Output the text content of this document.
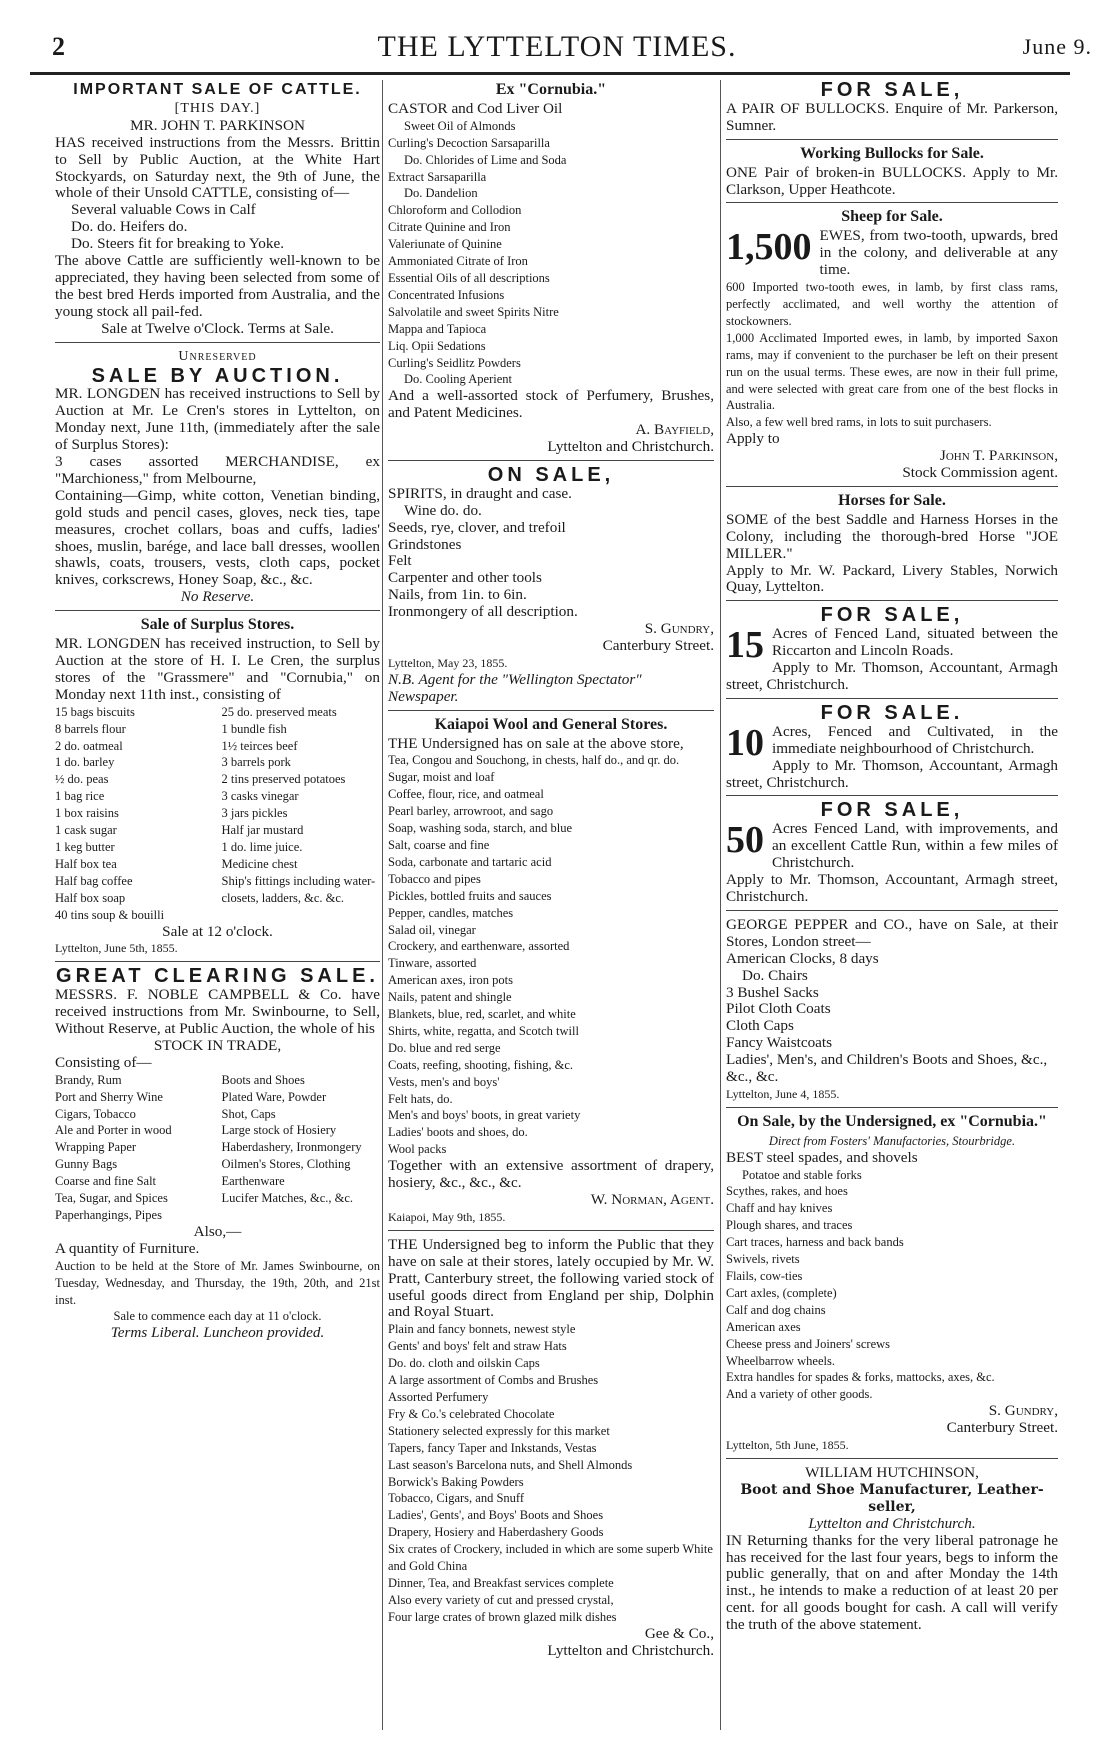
2	THE LYTTELTON TIMES.	June 9.
IMPORTANT SALE OF CATTLE.
[THIS DAY.]
MR. JOHN T. PARKINSON

HAS received instructions from the Messrs. Brittin to Sell by Public Auction, at the White Hart Stockyards, on Saturday next, the 9th of June, the whole of their Unsold CATTLE, consisting of—

Several valuable Cows in Calf
Do. do. Heifers do.
Do. Steers fit for breaking to Yoke.

The above Cattle are sufficiently well-known to be appreciated, they having been selected from some of the best bred Herds imported from Australia, and the young stock all pail-fed.

Sale at Twelve o'Clock. Terms at Sale.
Unreserved
SALE BY AUCTION.

MR. LONGDEN has received instructions to Sell by Auction at Mr. Le Cren's stores in Lyttelton, on Monday next, June 11th, (immediately after the sale of Surplus Stores):

3 cases assorted MERCHANDISE, ex "Marchioness," from Melbourne,

Containing—Gimp, white cotton, Venetian binding, gold studs and pencil cases, gloves, neck ties, tape measures, crochet collars, boas and cuffs, ladies' shoes, muslin, barége, and lace ball dresses, woollen shawls, coats, trousers, vests, cloth caps, pocket knives, corkscrews, Honey Soap, &c., &c.

No Reserve.
Sale of Surplus Stores.

MR. LONGDEN has received instruction, to Sell by Auction at the store of H. I. Le Cren, the surplus stores of the "Grassmere" and "Cornubia," on Monday next 11th inst., consisting of

15 bags biscuits
8 barrels flour
2 do. oatmeal
1 do. barley
½ do. peas
1 bag rice
1 box raisins
1 cask sugar
1 keg butter
Half box tea
Half bag coffee
Half box soap
40 tins soup & bouilli
25 do. preserved meats
1 bundle fish
1½ teirces beef
3 barrels pork
2 tins preserved potatoes
3 casks vinegar
3 jars pickles
Half jar mustard
1 do. lime juice.
Medicine chest
Ship's fittings including water-closets, ladders, &c. &c.
Sale at 12 o'clock.
Lyttelton, June 5th, 1855.
GREAT CLEARING SALE.

MESSRS. F. NOBLE CAMPBELL & Co. have received instructions from Mr. Swinbourne, to Sell, Without Reserve, at Public Auction, the whole of his

STOCK IN TRADE,
Consisting of—
Brandy, Rum
Port and Sherry Wine
Cigars, Tobacco
Ale and Porter in wood
Wrapping Paper
Gunny Bags
Coarse and fine Salt
Tea, Sugar, and Spices
Paperhangings, Pipes
Boots and Shoes
Plated Ware, Powder
Shot, Caps
Large stock of Hosiery
Haberdashery, Ironmongery
Oilmen's Stores, Clothing
Earthenware
Lucifer Matches, &c., &c.
Also,—
A quantity of Furniture.

Auction to be held at the Store of Mr. James Swinbourne, on Tuesday, Wednesday, and Thursday, the 19th, 20th, and 21st inst.

Sale to commence each day at 11 o'clock.
Terms Liberal. Luncheon provided.
Ex "Cornubia."
CASTOR and Cod Liver Oil
Sweet Oil of Almonds
Curling's Decoction Sarsaparilla
Do. Chlorides of Lime and Soda
Extract Sarsaparilla
Do. Dandelion
Chloroform and Collodion
Citrate Quinine and Iron
Valeriunate of Quinine
Ammoniated Citrate of Iron
Essential Oils of all descriptions
Concentrated Infusions
Salvolatile and sweet Spirits Nitre
Mappa and Tapioca
Liq. Opii Sedations
Curling's Seidlitz Powders
Do. Cooling Aperient

And a well-assorted stock of Perfumery, Brushes, and Patent Medicines.

A. Bayfield,
Lyttelton and Christchurch.
ON SALE,
SPIRITS, in draught and case.
Wine do. do.
Seeds, rye, clover, and trefoil
Grindstones
Felt
Carpenter and other tools
Nails, from 1in. to 6in.
Ironmongery of all description.
S. Gundry,
Canterbury Street.
Lyttelton, May 23, 1855.
N.B. Agent for the "Wellington Spectator" Newspaper.
Kaiapoi Wool and General Stores.

THE Undersigned has on sale at the above store,

Tea, Congou and Souchong, in chests, half do., and qr. do.
Sugar, moist and loaf
Coffee, flour, rice, and oatmeal
Pearl barley, arrowroot, and sago
Soap, washing soda, starch, and blue
Salt, coarse and fine
Soda, carbonate and tartaric acid
Tobacco and pipes
Pickles, bottled fruits and sauces
Pepper, candles, matches
Salad oil, vinegar
Crockery, and earthenware, assorted
Tinware, assorted
American axes, iron pots
Nails, patent and shingle
Blankets, blue, red, scarlet, and white
Shirts, white, regatta, and Scotch twill
Do. blue and red serge
Coats, reefing, shooting, fishing, &c.
Vests, men's and boys'
Felt hats, do.
Men's and boys' boots, in great variety
Ladies' boots and shoes, do.
Wool packs

Together with an extensive assortment of drapery, hosiery, &c., &c., &c.

W. Norman, Agent.
Kaiapoi, May 9th, 1855.

THE Undersigned beg to inform the Public that they have on sale at their stores, lately occupied by Mr. W. Pratt, Canterbury street, the following varied stock of useful goods direct from England per ship, Dolphin and Royal Stuart.

Plain and fancy bonnets, newest style
Gents' and boys' felt and straw Hats
Do. do. cloth and oilskin Caps
A large assortment of Combs and Brushes
Assorted Perfumery
Fry & Co.'s celebrated Chocolate
Stationery selected expressly for this market
Tapers, fancy Taper and Inkstands, Vestas
Last season's Barcelona nuts, and Shell Almonds
Borwick's Baking Powders
Tobacco, Cigars, and Snuff
Ladies', Gents', and Boys' Boots and Shoes
Drapery, Hosiery and Haberdashery Goods
Six crates of Crockery, included in which are some superb White and Gold China
Dinner, Tea, and Breakfast services complete
Also every variety of cut and pressed crystal,
Four large crates of brown glazed milk dishes
Gee & Co.,
Lyttelton and Christchurch.
FOR SALE,

A PAIR OF BULLOCKS. Enquire of Mr. Parkerson, Sumner.

Working Bullocks for Sale.

ONE Pair of broken-in BULLOCKS. Apply to Mr. Clarkson, Upper Heathcote.

Sheep for Sale.
1,500 EWES, from two-tooth, upwards, bred in the colony, and deliverable at any time.

600 Imported two-tooth ewes, in lamb, by first class rams, perfectly acclimated, and well worthy the attention of stockowners.

1,000 Acclimated Imported ewes, in lamb, by imported Saxon rams, may if convenient to the purchaser be left on their present run on the usual terms. These ewes, are now in their full prime, and were selected with great care from one of the best flocks in Australia.

Also, a few well bred rams, in lots to suit purchasers.

Apply to
John T. Parkinson,
Stock Commission agent.
Horses for Sale.

SOME of the best Saddle and Harness Horses in the Colony, including the thorough-bred Horse "JOE MILLER."

Apply to Mr. W. Packard, Livery Stables, Norwich Quay, Lyttelton.

FOR SALE,
15 Acres of Fenced Land, situated between the Riccarton and Lincoln Roads.

Apply to Mr. Thomson, Accountant, Armagh street, Christchurch.

FOR SALE.
10 Acres, Fenced and Cultivated, in the immediate neighbourhood of Christchurch.

Apply to Mr. Thomson, Accountant, Armagh street, Christchurch.

FOR SALE,
50 Acres Fenced Land, with improvements, and an excellent Cattle Run, within a few miles of Christchurch.

Apply to Mr. Thomson, Accountant, Armagh street, Christchurch.

GEORGE PEPPER and CO., have on Sale, at their Stores, London street—

American Clocks, 8 days
Do. Chairs
3 Bushel Sacks
Pilot Cloth Coats
Cloth Caps
Fancy Waistcoats
Ladies', Men's, and Children's Boots and Shoes, &c., &c., &c.
Lyttelton, June 4, 1855.
On Sale, by the Undersigned, ex "Cornubia."
Direct from Fosters' Manufactories, Stourbridge.
BEST steel spades, and shovels
Potatoe and stable forks
Scythes, rakes, and hoes
Chaff and hay knives
Plough shares, and traces
Cart traces, harness and back bands
Swivels, rivets
Flails, cow-ties
Cart axles, (complete)
Calf and dog chains
American axes
Cheese press and Joiners' screws
Wheelbarrow wheels.
Extra handles for spades & forks, mattocks, axes, &c.
And a variety of other goods.
S. Gundry,
Canterbury Street.
Lyttelton, 5th June, 1855.
WILLIAM HUTCHINSON,
Boot and Shoe Manufacturer, Leather-seller,
Lyttelton and Christchurch.

IN Returning thanks for the very liberal patronage he has received for the last four years, begs to inform the public generally, that on and after Monday the 14th inst., he intends to make a reduction of at least 20 per cent. for all goods bought for cash. A call will verify the truth of the above statement.
